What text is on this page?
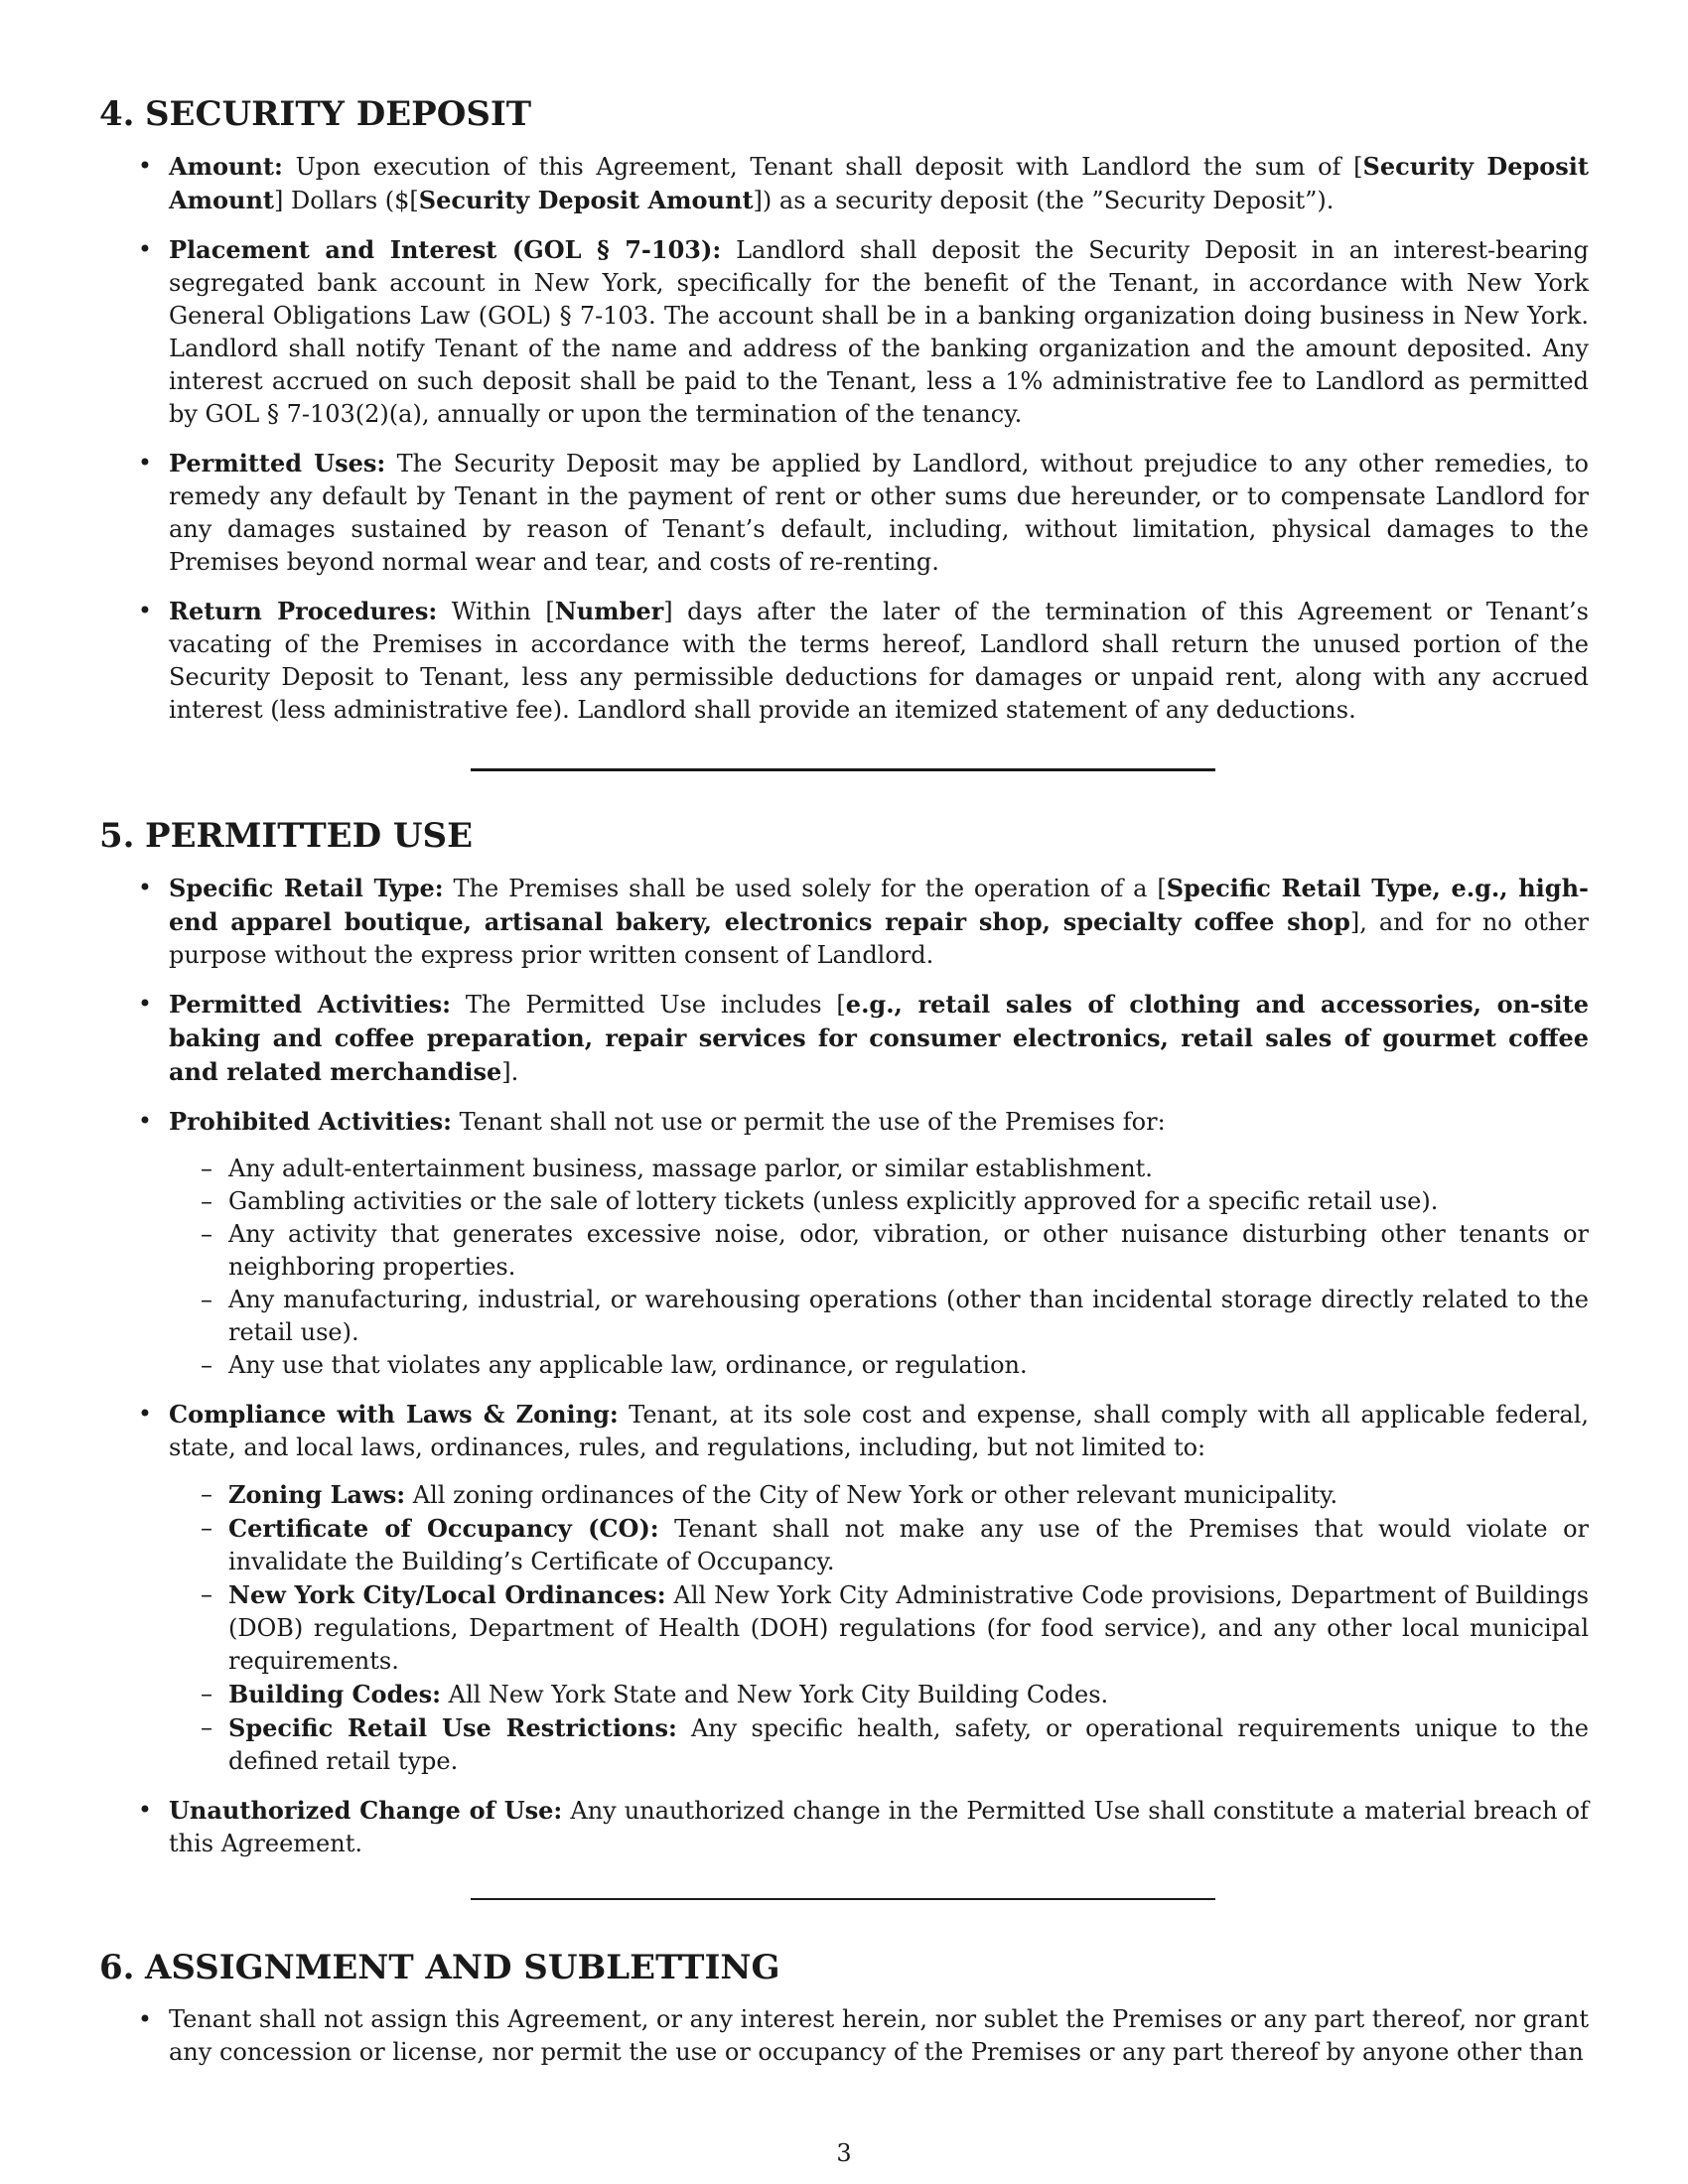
4. SECURITY DEPOSIT
• Amount: Upon execution of this Agreement, Tenant shall deposit with Landlord the sum of [Security Deposit Amount] Dollars ($[Security Deposit Amount]) as a security deposit (the ”Security Deposit”).
• Placement and Interest (GOL § 7-103): Landlord shall deposit the Security Deposit in an interest-bearing segregated bank account in New York, specifically for the benefit of the Tenant, in accordance with New York General Obligations Law (GOL) § 7-103. The account shall be in a banking organization doing business in New York. Landlord shall notify Tenant of the name and address of the banking organization and the amount deposited. Any interest accrued on such deposit shall be paid to the Tenant, less a 1% administrative fee to Landlord as permitted by GOL § 7-103(2)(a), annually or upon the termination of the tenancy.
• Permitted Uses: The Security Deposit may be applied by Landlord, without prejudice to any other remedies, to remedy any default by Tenant in the payment of rent or other sums due hereunder, or to compensate Landlord for any damages sustained by reason of Tenant’s default, including, without limitation, physical damages to the Premises beyond normal wear and tear, and costs of re-renting.
• Return Procedures: Within [Number] days after the later of the termination of this Agreement or Tenant’s vacating of the Premises in accordance with the terms hereof, Landlord shall return the unused portion of the Security Deposit to Tenant, less any permissible deductions for damages or unpaid rent, along with any accrued interest (less administrative fee). Landlord shall provide an itemized statement of any deductions.
5. PERMITTED USE
• Specific Retail Type: The Premises shall be used solely for the operation of a [Specific Retail Type, e.g., high-end apparel boutique, artisanal bakery, electronics repair shop, specialty coffee shop], and for no other purpose without the express prior written consent of Landlord.
• Permitted Activities: The Permitted Use includes [e.g., retail sales of clothing and accessories, on-site baking and coffee preparation, repair services for consumer electronics, retail sales of gourmet coffee and related merchandise].
• Prohibited Activities: Tenant shall not use or permit the use of the Premises for:
– Any adult-entertainment business, massage parlor, or similar establishment.
– Gambling activities or the sale of lottery tickets (unless explicitly approved for a specific retail use).
– Any activity that generates excessive noise, odor, vibration, or other nuisance disturbing other tenants or neighboring properties.
– Any manufacturing, industrial, or warehousing operations (other than incidental storage directly related to the retail use).
– Any use that violates any applicable law, ordinance, or regulation.
• Compliance with Laws & Zoning: Tenant, at its sole cost and expense, shall comply with all applicable federal, state, and local laws, ordinances, rules, and regulations, including, but not limited to:
– Zoning Laws: All zoning ordinances of the City of New York or other relevant municipality.
– Certificate of Occupancy (CO): Tenant shall not make any use of the Premises that would violate or invalidate the Building’s Certificate of Occupancy.
– New York City/Local Ordinances: All New York City Administrative Code provisions, Department of Buildings (DOB) regulations, Department of Health (DOH) regulations (for food service), and any other local municipal requirements.
– Building Codes: All New York State and New York City Building Codes.
– Specific Retail Use Restrictions: Any specific health, safety, or operational requirements unique to the defined retail type.
• Unauthorized Change of Use: Any unauthorized change in the Permitted Use shall constitute a material breach of this Agreement.
6. ASSIGNMENT AND SUBLETTING
• Tenant shall not assign this Agreement, or any interest herein, nor sublet the Premises or any part thereof, nor grant any concession or license, nor permit the use or occupancy of the Premises or any part thereof by anyone other than
3
